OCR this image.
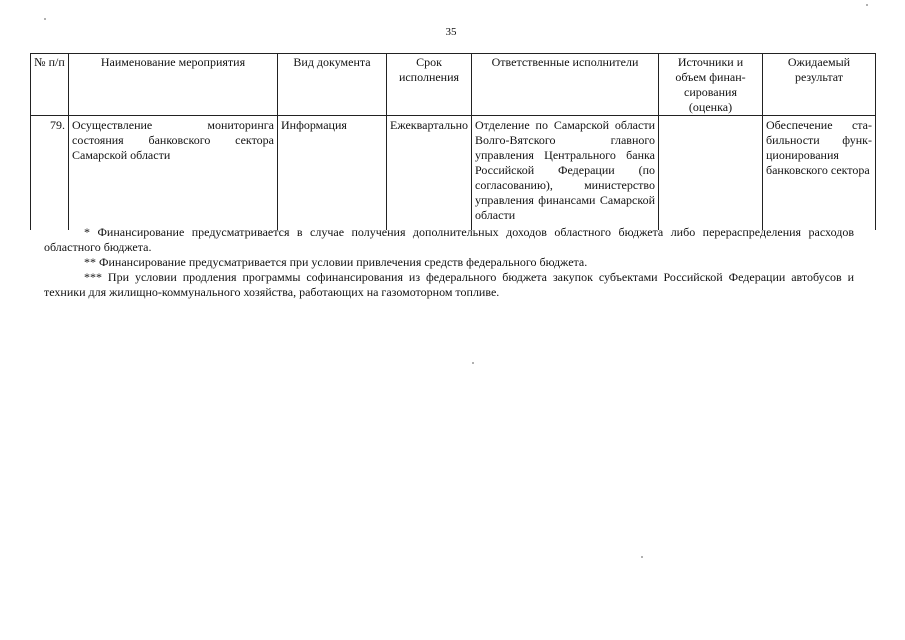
35
№ п/п	Наименование мероприятия	Вид документа	Срок исполнения	Ответственные исполнители	Источники и объем финансирования (оценка)	Ожидаемый результат
79.	Осуществление мониторинга состояния банковского сектора Самарской области	Информация	Ежеквартально	Отделение по Самарской области Волго-Вятского главного управления Центрального банка Российской Федерации (по согласованию), министерство управления финансами Самарской области		Обеспечение стабильности функционирования банковского сектора

* Финансирование предусматривается в случае получения дополнительных доходов областного бюджета либо перераспределения расходов областного бюджета.

** Финансирование предусматривается при условии привлечения средств федерального бюджета.

*** При условии продления программы софинансирования из федерального бюджета закупок субъектами Российской Федерации автобусов и техники для жилищно-коммунального хозяйства, работающих на газомоторном топливе.
